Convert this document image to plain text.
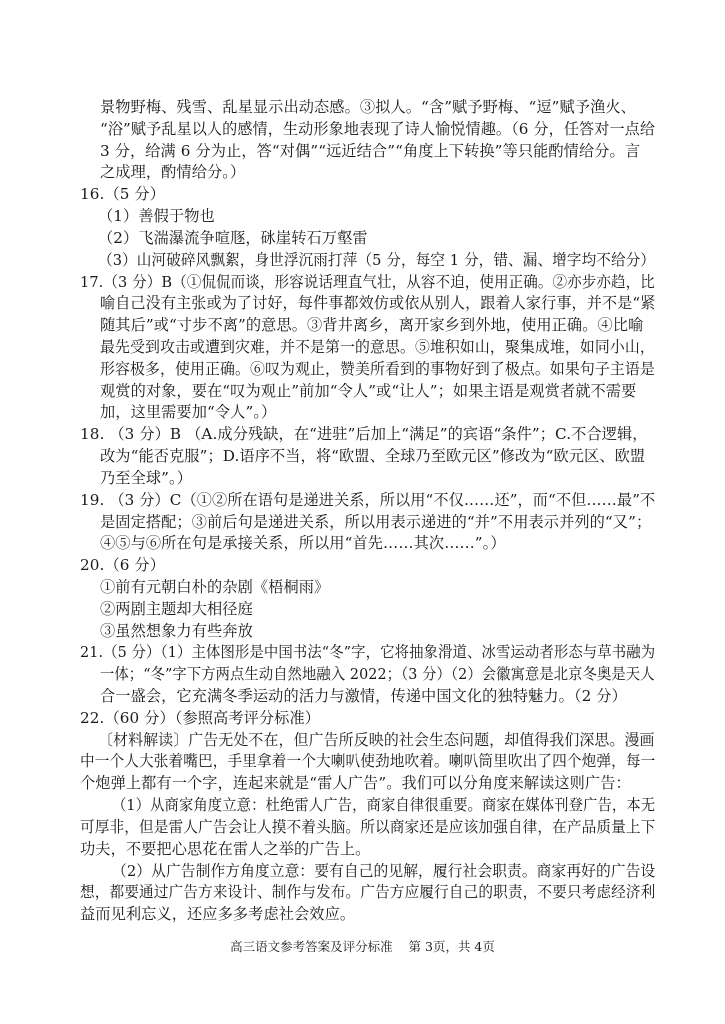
景物野梅、残雪、乱星显示出动态感。③拟人。“含”赋予野梅、“逗”赋予渔火、
“浴”赋予乱星以人的感情，生动形象地表现了诗人愉悦情趣。（6 分，任答对一点给
3 分，给满 6 分为止，答“对偶”“远近结合”“角度上下转换”等只能酌情给分。言
之成理，酌情给分。）
16.（5 分）
（1）善假于物也
（2）飞湍瀑流争喧豗，砯崖转石万壑雷
（3）山河破碎风飘絮，身世浮沉雨打萍（5 分，每空 1 分，错、漏、增字均不给分）
17.（3 分）B（①侃侃而谈，形容说话理直气壮，从容不迫，使用正确。②亦步亦趋，比
喻自己没有主张或为了讨好，每件事都效仿或依从别人，跟着人家行事，并不是“紧
随其后”或“寸步不离”的意思。③背井离乡，离开家乡到外地，使用正确。④比喻
最先受到攻击或遭到灾难，并不是第一的意思。⑤堆积如山，聚集成堆，如同小山，
形容极多，使用正确。⑥叹为观止，赞美所看到的事物好到了极点。如果句子主语是
观赏的对象，要在“叹为观止”前加“令人”或“让人”；如果主语是观赏者就不需要
加，这里需要加“令人”。）
18. （3 分）B （A.成分残缺，在“进驻”后加上“满足”的宾语“条件”；C.不合逻辑，
改为“能否克服”；D.语序不当，将“欧盟、全球乃至欧元区”修改为“欧元区、欧盟
乃至全球”。）
19. （3 分）C（①②所在语句是递进关系，所以用“不仅……还”，而“不但……最”不
是固定搭配；③前后句是递进关系，所以用表示递进的“并”不用表示并列的“又”；
④⑤与⑥所在句是承接关系，所以用“首先……其次……”。）
20.（6 分）
①前有元朝白朴的杂剧《梧桐雨》
②两剧主题却大相径庭
③虽然想象力有些奔放
21.（5 分）（1）主体图形是中国书法“冬”字，它将抽象滑道、冰雪运动者形态与草书融为
一体；“冬”字下方两点生动自然地融入 2022；（3 分）（2）会徽寓意是北京冬奥是天人
合一盛会，它充满冬季运动的活力与激情，传递中国文化的独特魅力。（2 分）
22.（60 分）（参照高考评分标准）
〔材料解读〕广告无处不在，但广告所反映的社会生态问题，却值得我们深思。漫画
中一个人大张着嘴巴，手里拿着一个大喇叭使劲地吹着。喇叭筒里吹出了四个炮弹，每一
个炮弹上都有一个字，连起来就是“雷人广告”。我们可以分角度来解读这则广告：
（1）从商家角度立意：杜绝雷人广告，商家自律很重要。商家在媒体刊登广告，本无
可厚非，但是雷人广告会让人摸不着头脑。所以商家还是应该加强自律，在产品质量上下
功夫，不要把心思花在雷人之举的广告上。
（2）从广告制作方角度立意：要有自己的见解，履行社会职责。商家再好的广告设
想，都要通过广告方来设计、制作与发布。广告方应履行自己的职责，不要只考虑经济利
益而见利忘义，还应多多考虑社会效应。
高三语文参考答案及评分标准    第 3页，共 4页
